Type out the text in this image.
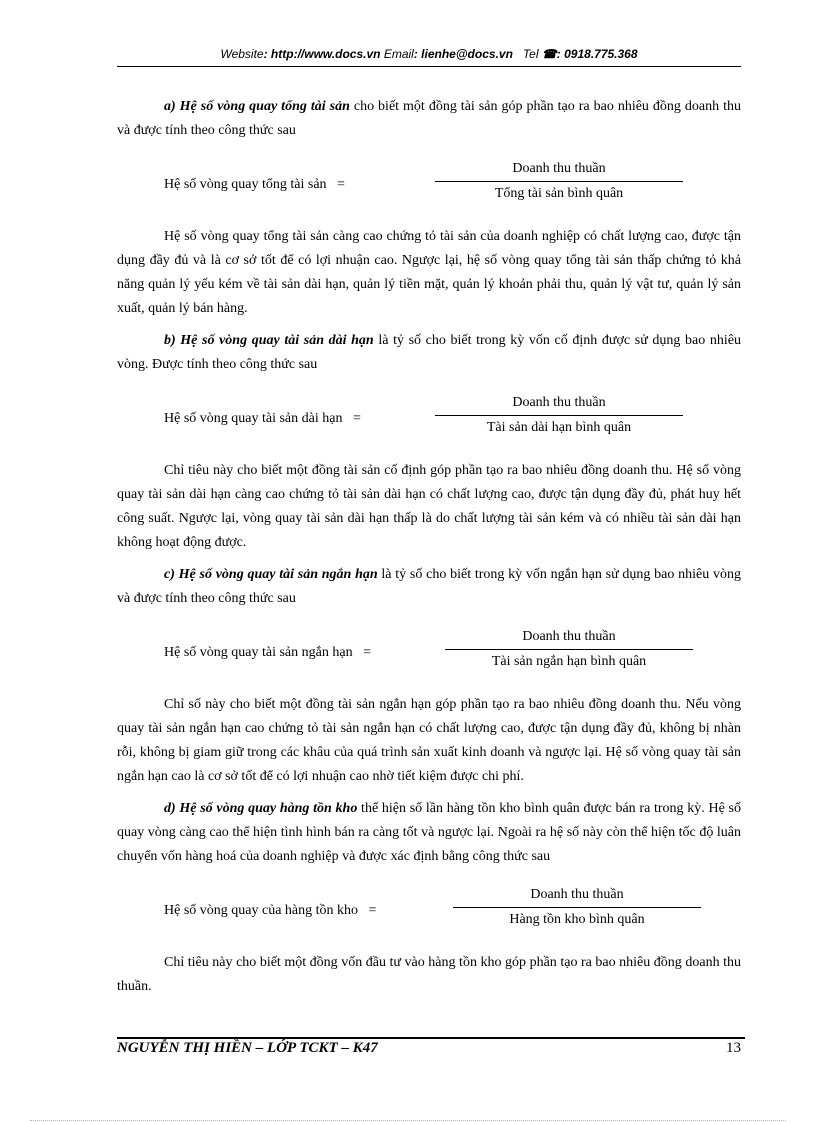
Website: http://www.docs.vn Email: lienhe@docs.vn Tel ☎: 0918.775.368

a) Hệ số vòng quay tổng tài sản cho biết một đồng tài sản góp phần tạo ra bao nhiêu đồng doanh thu và được tính theo công thức sau

Hệ số vòng quay tổng tài sản   =
Doanh thu thuần
Tổng tài sản bình quân

Hệ số vòng quay tổng tài sản càng cao chứng tỏ tài sản của doanh nghiệp có chất lượng cao, được tận dụng đầy đủ và là cơ sở tốt để có lợi nhuận cao. Ngược lại, hệ số vòng quay tổng tài sản thấp chứng tỏ khả năng quản lý yếu kém về tài sản dài hạn, quản lý tiền mặt, quản lý khoản phải thu, quản lý vật tư, quản lý sản xuất, quản lý bán hàng.

b) Hệ số vòng quay tài sản dài hạn là tỷ số cho biết trong kỳ vốn cố định được sử dụng bao nhiêu vòng. Được tính theo công thức sau

Hệ số vòng quay tài sản dài hạn   =
Doanh thu thuần
Tài sản dài hạn bình quân

Chỉ tiêu này cho biết một đồng tài sản cố định góp phần tạo ra bao nhiêu đồng doanh thu. Hệ số vòng quay tài sản dài hạn càng cao chứng tỏ tài sản dài hạn có chất lượng cao, được tận dụng đầy đủ, phát huy hết công suất. Ngược lại, vòng quay tài sản dài hạn thấp là do chất lượng tài sản kém và có nhiều tài sản dài hạn không hoạt động được.

c) Hệ số vòng quay tài sản ngắn hạn là tỷ số cho biết trong kỳ vốn ngắn hạn sử dụng bao nhiêu vòng và được tính theo công thức sau

Hệ số vòng quay tài sản ngắn hạn   =
Doanh thu thuần
Tài sản ngắn hạn bình quân

Chỉ số này cho biết một đồng tài sản ngắn hạn góp phần tạo ra bao nhiêu đồng doanh thu. Nếu vòng quay tài sản ngắn hạn cao chứng tỏ tài sản ngắn hạn có chất lượng cao, được tận dụng đầy đủ, không bị nhàn rỗi, không bị giam giữ trong các khâu của quá trình sản xuất kinh doanh và ngược lại. Hệ số vòng quay tài sản ngắn hạn cao là cơ sở tốt để có lợi nhuận cao nhờ tiết kiệm được chi phí.

d) Hệ số vòng quay hàng tồn kho thể hiện số lần hàng tồn kho bình quân được bán ra trong kỳ. Hệ số quay vòng càng cao thể hiện tình hình bán ra càng tốt và ngược lại. Ngoài ra hệ số này còn thể hiện tốc độ luân chuyển vốn hàng hoá của doanh nghiệp và được xác định bằng công thức sau

Hệ số vòng quay của hàng tồn kho   =
Doanh thu thuần
Hàng tồn kho bình quân

Chỉ tiêu này cho biết một đồng vốn đầu tư vào hàng tồn kho góp phần tạo ra bao nhiêu đồng doanh thu thuần.

NGUYỄN THỊ HIỀN – LỚP TCKT – K47	13
